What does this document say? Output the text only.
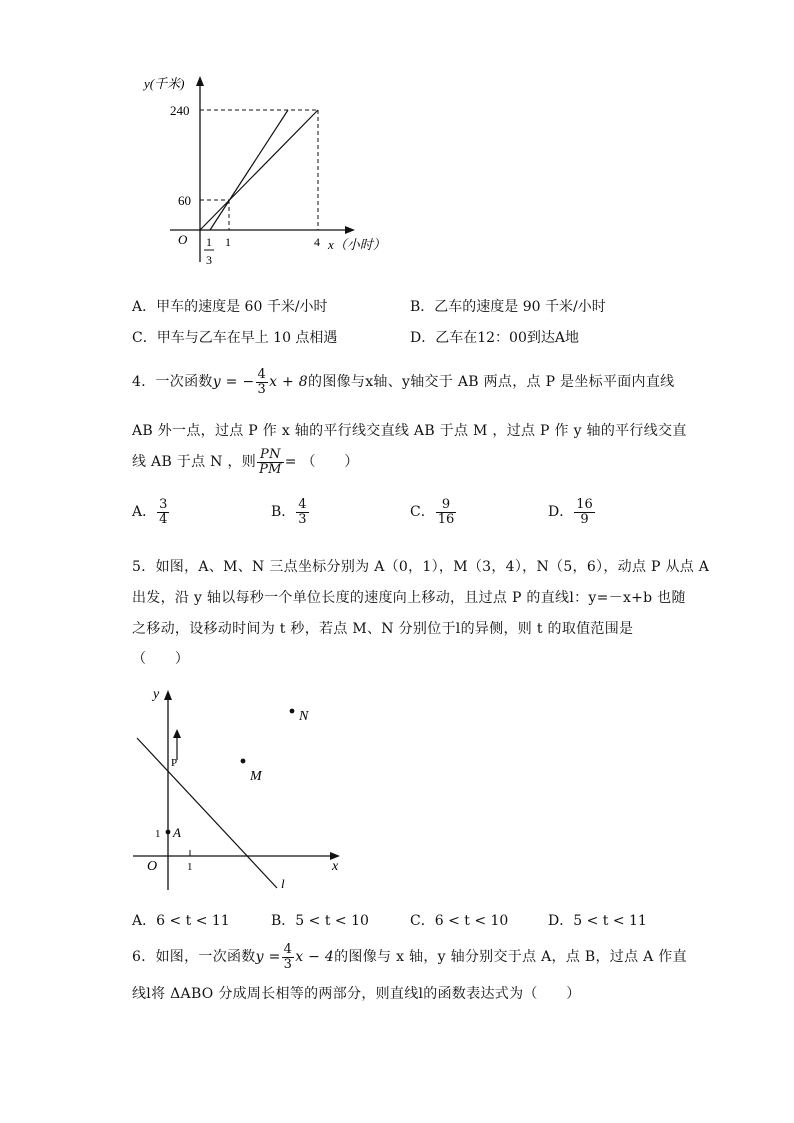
y(千米)
240
60
O 1
3
1	4 x（小时）
A．甲车的速度是 60 千米/小时	B．乙车的速度是 90 千米/小时
C．甲车与乙车在早上 10 点相遇	D．乙车在12：00到达A地
4．一次函数y = − $\frac{4}{3}$ x + 8的图像与x轴、y轴交于 AB 两点，点 P 是坐标平面内直线
AB 外一点，过点 P 作 x 轴的平行线交直线 AB 于点 M ，过点 P 作 y 轴的平行线交直
线 AB 于点 N ，则 $\frac{PN}{PM}$ = （　　）
A． $\frac{3}{4}$	B． $\frac{4}{3}$	C． $\frac{9}{16}$	D． $\frac{16}{9}$
5．如图，A、M、N 三点坐标分别为 A（0，1），M（3，4），N（5，6），动点 P 从点 A
出发，沿 y 轴以每秒一个单位长度的速度向上移动，且过点 P 的直线l：y=－x+b 也随
之移动，设移动时间为 t 秒，若点 M、N 分别位于l的异侧，则 t 的取值范围是
（　　）
y
x
O
N
M
P
A
1
1
l
A．6 < t < 11	B．5 < t < 10	C．6 < t < 10	D．5 < t < 11
6．如图，一次函数$y = \frac{4}{3}$ x − 4的图像与 x 轴，y 轴分别交于点 A，点 B，过点 A 作直
线l将 ΔABO 分成周长相等的两部分，则直线l的函数表达式为（　　）
